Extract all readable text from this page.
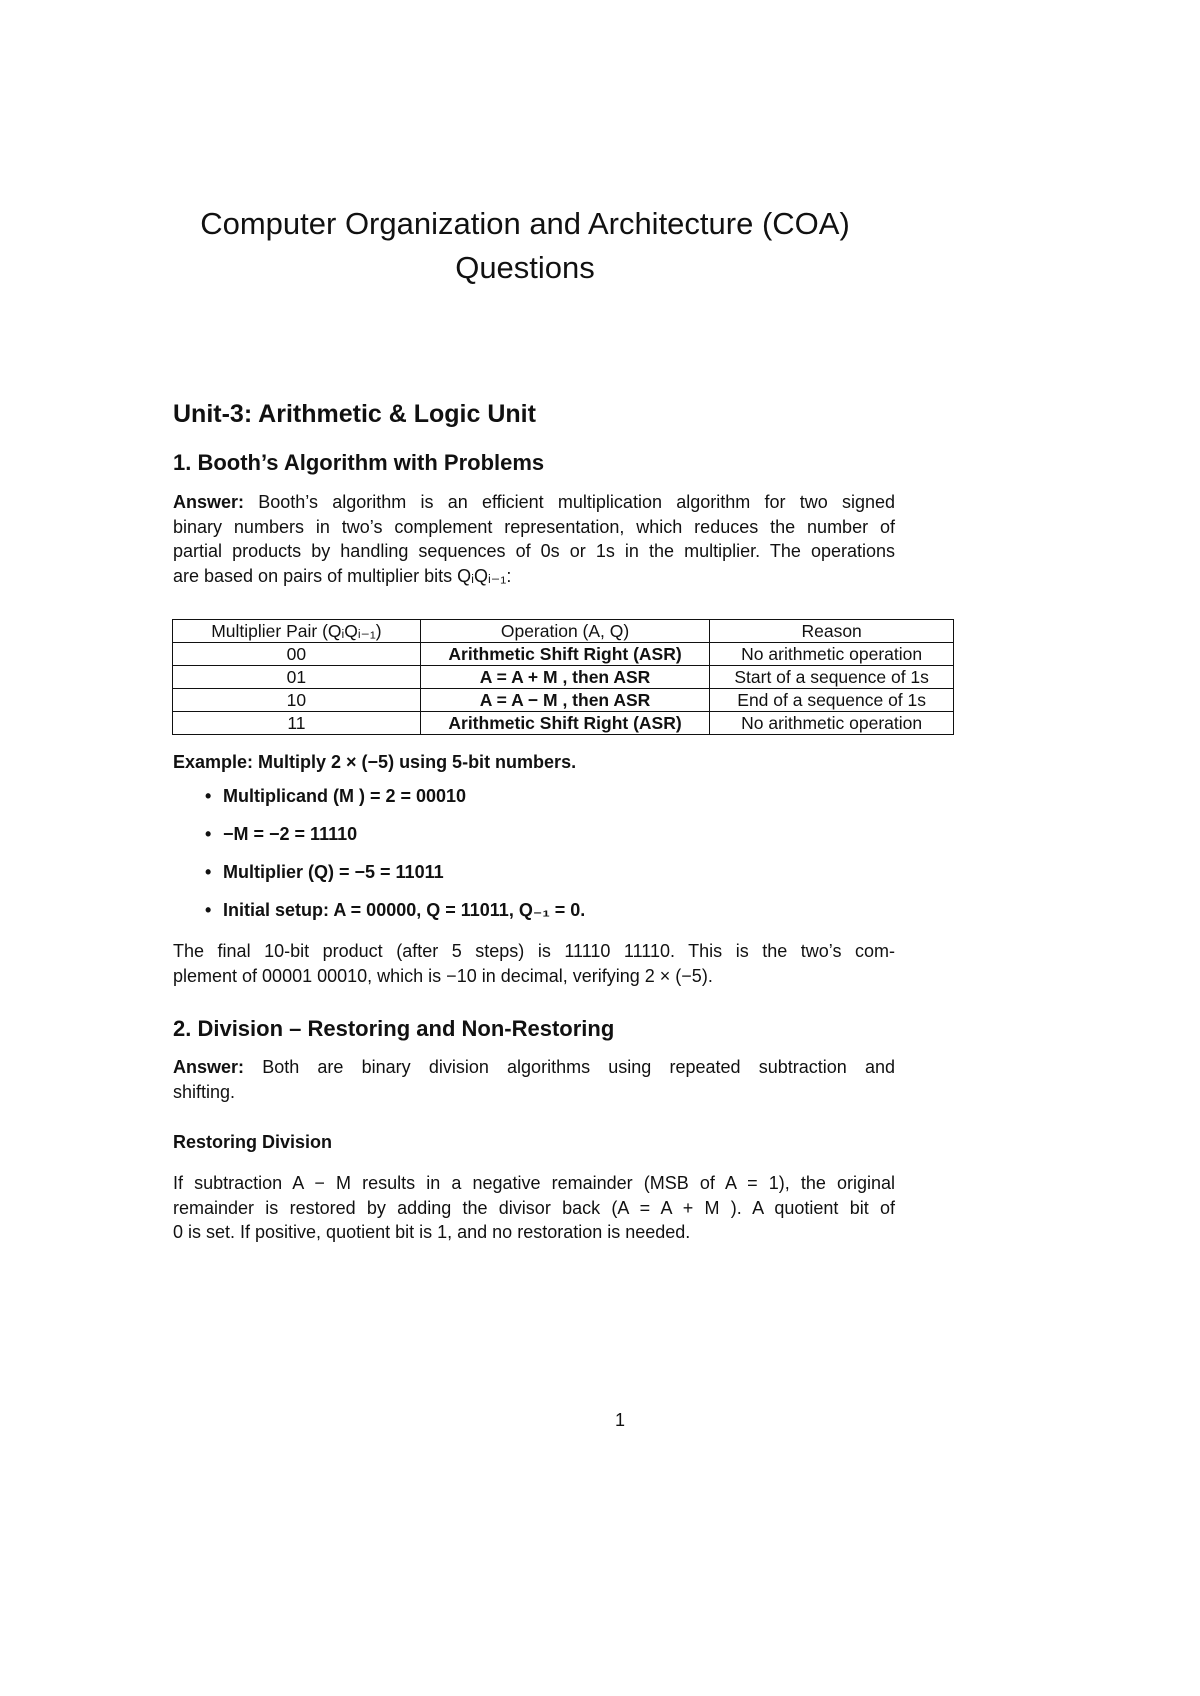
Computer Organization and Architecture (COA)
Questions
Unit-3: Arithmetic & Logic Unit
1. Booth’s Algorithm with Problems
Answer: Booth’s algorithm is an efficient multiplication algorithm for two signed
binary numbers in two’s complement representation, which reduces the number of
partial products by handling sequences of 0s or 1s in the multiplier. The operations
are based on pairs of multiplier bits QᵢQᵢ₋₁:
Multiplier Pair (QᵢQᵢ₋₁)	Operation (A, Q)	Reason
00	Arithmetic Shift Right (ASR)	No arithmetic operation
01	A = A + M , then ASR	Start of a sequence of 1s
10	A = A − M , then ASR	End of a sequence of 1s
11	Arithmetic Shift Right (ASR)	No arithmetic operation
Example: Multiply 2 × (−5) using 5-bit numbers.
• Multiplicand (M ) = 2 = 00010
• −M = −2 = 11110
• Multiplier (Q) = −5 = 11011
• Initial setup: A = 00000, Q = 11011, Q₋₁ = 0.
The final 10-bit product (after 5 steps) is 11110 11110. This is the two’s com-
plement of 00001 00010, which is −10 in decimal, verifying 2 × (−5).
2. Division – Restoring and Non-Restoring
Answer: Both are binary division algorithms using repeated subtraction and
shifting.
Restoring Division
If subtraction A − M results in a negative remainder (MSB of A = 1), the original
remainder is restored by adding the divisor back (A = A + M ). A quotient bit of
0 is set. If positive, quotient bit is 1, and no restoration is needed.
1
